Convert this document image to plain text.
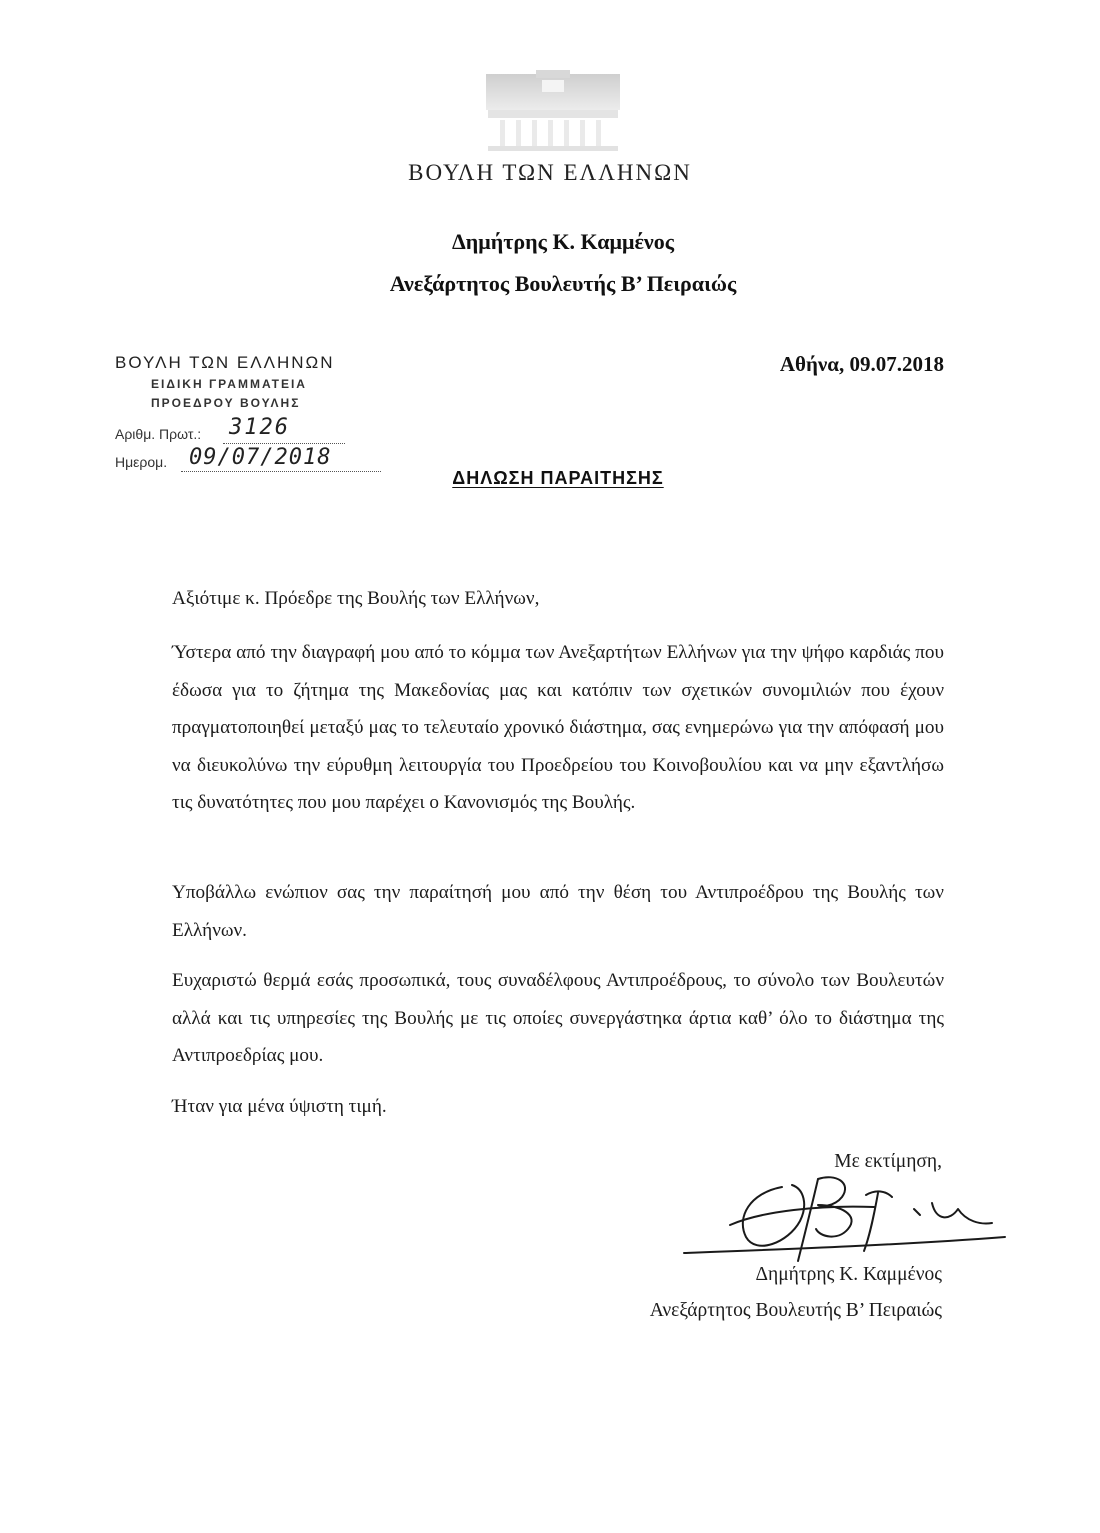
ΒΟΥΛΗ ΤΩΝ ΕΛΛΗΝΩΝ
Δημήτρης Κ. Καμμένος
Ανεξάρτητος Βουλευτής Β’ Πειραιώς
ΒΟΥΛΗ ΤΩΝ ΕΛΛΗΝΩΝ
ΕΙΔΙΚΗ ΓΡΑΜΜΑΤΕΙΑ
ΠΡΟΕΔΡΟΥ ΒΟΥΛΗΣ
Αριθμ. Πρωτ.: 3126
Ημερομ. 09/07/2018
Αθήνα, 09.07.2018
ΔΗΛΩΣΗ ΠΑΡΑΙΤΗΣΗΣ
Αξιότιμε κ. Πρόεδρε της Βουλής των Ελλήνων,
Ύστερα από την διαγραφή μου από το κόμμα των Ανεξαρτήτων Ελλήνων για την ψήφο καρδιάς που έδωσα για το ζήτημα της Μακεδονίας μας και κατόπιν των σχετικών συνομιλιών που έχουν πραγματοποιηθεί μεταξύ μας το τελευταίο χρονικό διάστημα, σας ενημερώνω για την απόφασή μου να διευκολύνω την εύρυθμη λειτουργία του Προεδρείου του Κοινοβουλίου και να μην εξαντλήσω τις δυνατότητες που μου παρέχει ο Κανονισμός της Βουλής.
Υποβάλλω ενώπιον σας την παραίτησή μου από την θέση του Αντιπροέδρου της Βουλής των Ελλήνων.
Ευχαριστώ θερμά εσάς προσωπικά, τους συναδέλφους Αντιπροέδρους, το σύνολο των Βουλευτών αλλά και τις υπηρεσίες της Βουλής με τις οποίες συνεργάστηκα άρτια καθ’ όλο το διάστημα της Αντιπροεδρίας μου.
Ήταν για μένα ύψιστη τιμή.
Με εκτίμηση,
Δημήτρης Κ. Καμμένος
Ανεξάρτητος Βουλευτής Β’ Πειραιώς
